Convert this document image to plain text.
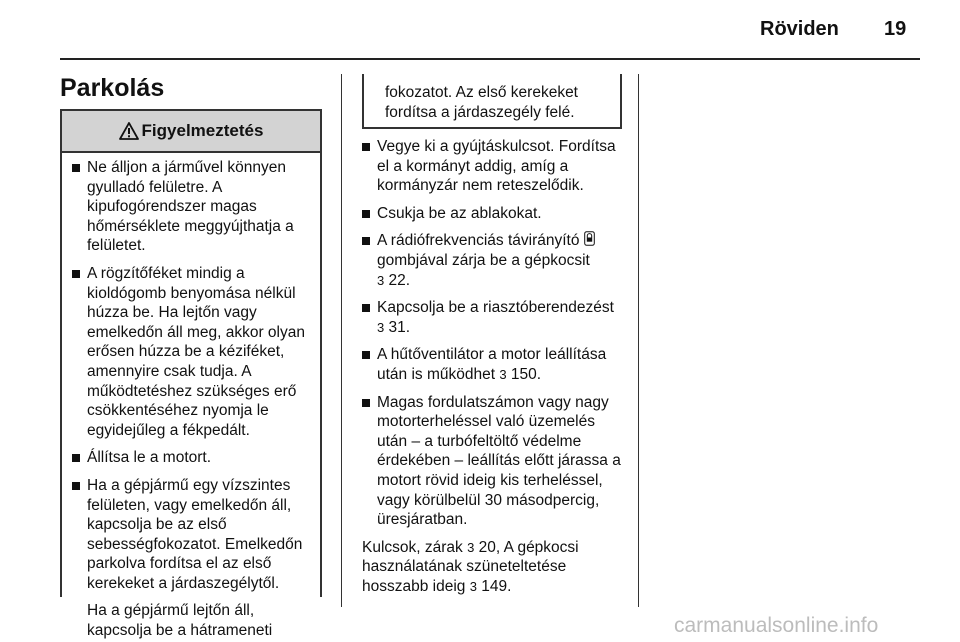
Röviden 19
Parkolás
Figyelmeztetés
Ne álljon a járművel könnyen gyulladó felületre. A kipufogórendszer magas hőmérséklete meggyújthatja a felületet.
A rögzítőféket mindig a kioldógomb benyomása nélkül húzza be. Ha lejtőn vagy emelkedőn áll meg, akkor olyan erősen húzza be a kéziféket, amennyire csak tudja. A működtetéshez szükséges erő csökkentéséhez nyomja le egyidejűleg a fékpedált.
Állítsa le a motort.
Ha a gépjármű egy vízszintes felületen, vagy emelkedőn áll, kapcsolja be az első sebességfokozatot. Emelkedőn parkolva fordítsa el az első kerekeket a járdaszegélytől.

Ha a gépjármű lejtőn áll, kapcsolja be a hátrameneti

fokozatot. Az első kerekeket fordítsa a járdaszegély felé.
Vegye ki a gyújtáskulcsot. Fordítsa el a kormányt addig, amíg a kormányzár nem reteszelődik.
Csukja be az ablakokat.
A rádiófrekvenciás távirányító  gombjával zárja be a gépkocsit
3 22.
Kapcsolja be a riasztóberendezést
3 31.
A hűtőventilátor a motor leállítása után is működhet 3 150.
Magas fordulatszámon vagy nagy motorterheléssel való üzemelés után – a turbófeltöltő védelme érdekében – leállítás előtt járassa a motort rövid ideig kis terheléssel, vagy körülbelül 30 másodpercig, üresjáratban.

Kulcsok, zárak 3 20, A gépkocsi használatának szüneteltetése hosszabb ideig 3 149.

carmanualsonline.info
